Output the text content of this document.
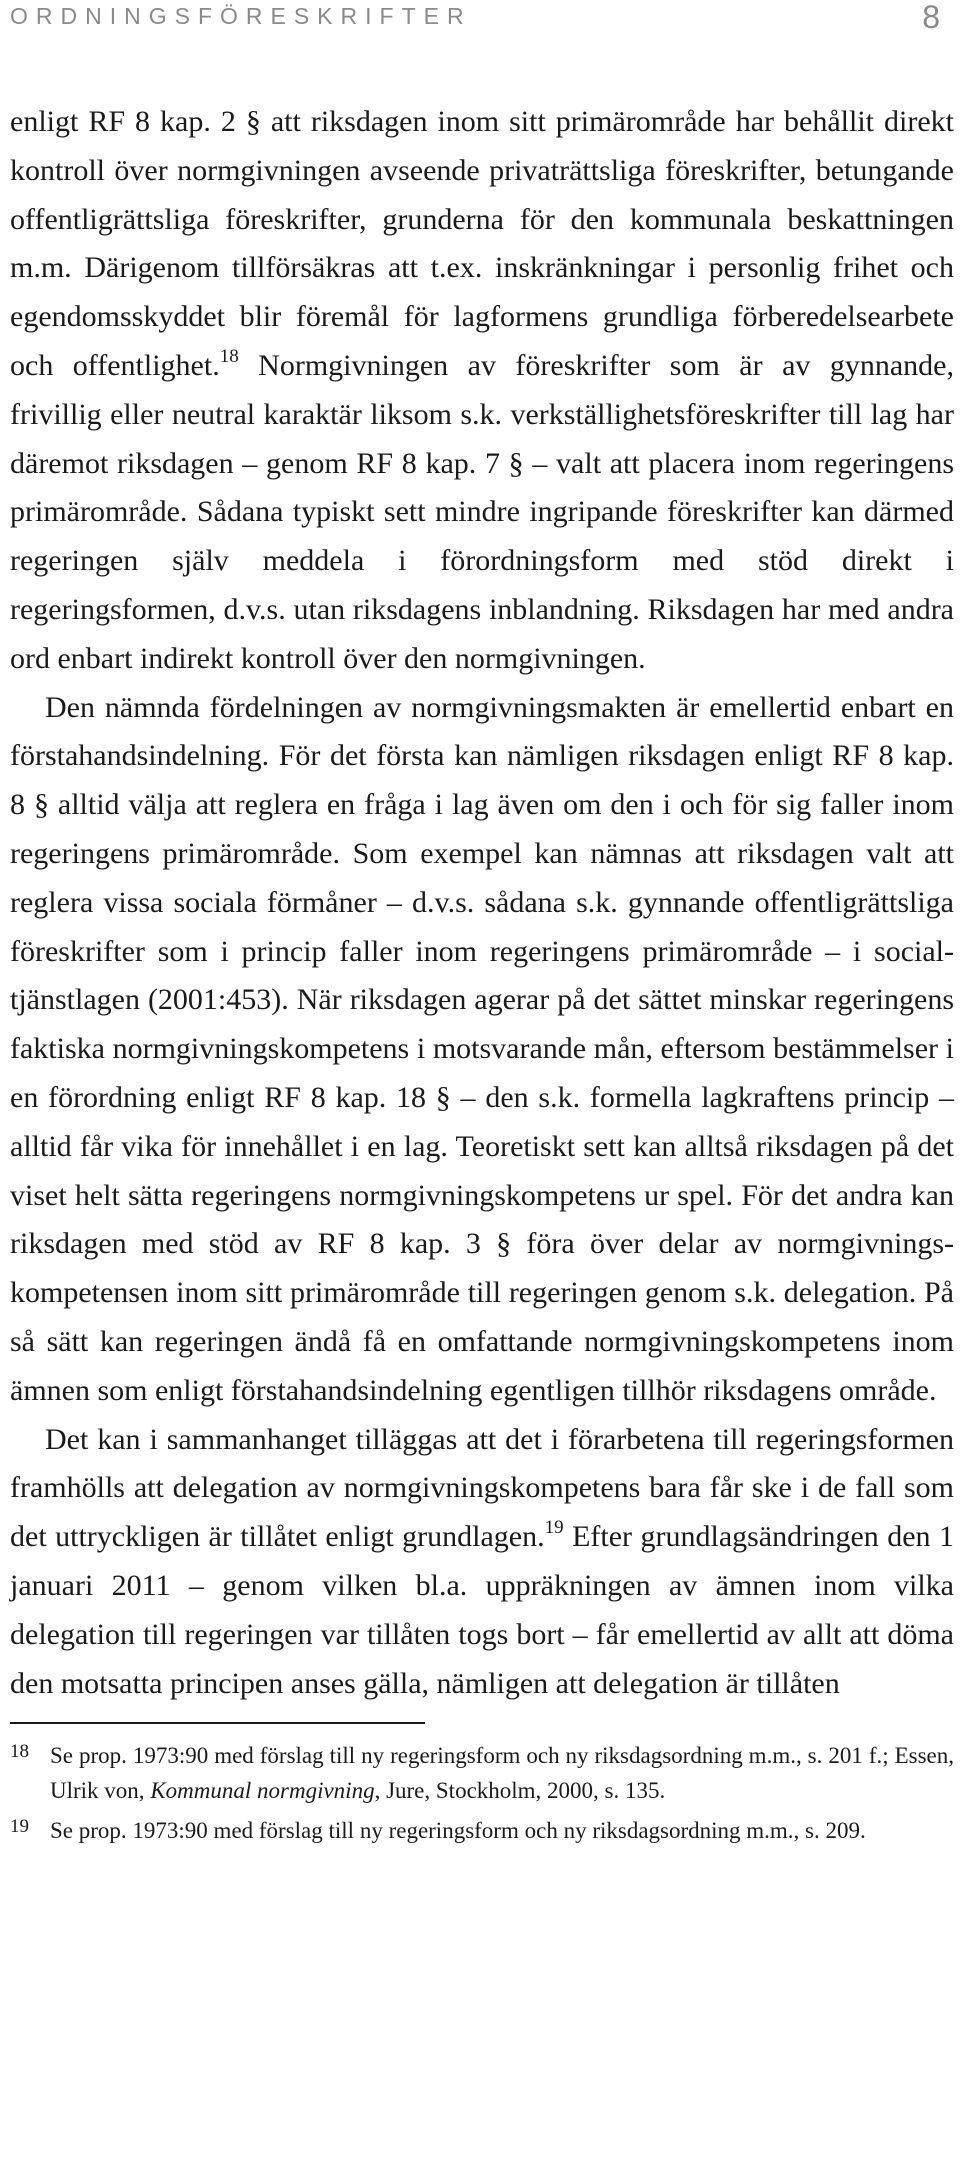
ORDNINGSFÖRESKRIFTER	8

enligt RF 8 kap. 2 § att riksdagen inom sitt primärområde har behållit direkt kontroll över normgivningen avseende privaträttsliga föreskrifter, betungande offentligrättsliga föreskrifter, grunderna för den kommunala beskattningen m.m. Därigenom tillförsäkras att t.ex. inskränkningar i personlig frihet och egendomsskyddet blir föremål för lagformens grundliga förberedelsearbete och offentlighet.$^{18}$ Normgivningen av föreskrifter som är av gynnande, frivillig eller neutral karaktär liksom s.k. verkställighetsföreskrifter till lag har däremot riksdagen – genom RF 8 kap. 7 § – valt att placera inom regeringens primärområde. Sådana typiskt sett mindre ingripande föreskrifter kan därmed regeringen själv meddela i förordningsform med stöd direkt i regeringsformen, d.v.s. utan riksdagens inblandning. Riksdagen har med andra ord enbart indirekt kontroll över den normgivningen.

Den nämnda fördelningen av normgivningsmakten är emellertid enbart en förstahandsindelning. För det första kan nämligen riksdagen enligt RF 8 kap. 8 § alltid välja att reglera en fråga i lag även om den i och för sig faller inom regeringens primärområde. Som exempel kan nämnas att riksdagen valt att reglera vissa sociala förmåner – d.v.s. sådana s.k. gynnande offentligrättsliga föreskrifter som i princip faller inom regeringens primärområde – i socialtjänstlagen (2001:453). När riksdagen agerar på det sättet minskar regeringens faktiska normgivningskompetens i motsvarande mån, eftersom bestämmelser i en förordning enligt RF 8 kap. 18 § – den s.k. formella lagkraftens princip – alltid får vika för innehållet i en lag. Teoretiskt sett kan alltså riksdagen på det viset helt sätta regeringens normgivningskompetens ur spel. För det andra kan riksdagen med stöd av RF 8 kap. 3 § föra över delar av normgivningskompetensen inom sitt primärområde till regeringen genom s.k. delegation. På så sätt kan regeringen ändå få en omfattande normgivningskompetens inom ämnen som enligt förstahandsindelning egentligen tillhör riksdagens område.

Det kan i sammanhanget tilläggas att det i förarbetena till regeringsformen framhölls att delegation av normgivningskompetens bara får ske i de fall som det uttryckligen är tillåtet enligt grundlagen.$^{19}$ Efter grundlagsändringen den 1 januari 2011 – genom vilken bl.a. uppräkningen av ämnen inom vilka delegation till regeringen var tillåten togs bort – får emellertid av allt att döma den motsatta principen anses gälla, nämligen att delegation är tillåten

18 Se prop. 1973:90 med förslag till ny regeringsform och ny riksdagsordning m.m., s. 201 f.; Essen, Ulrik von, Kommunal normgivning, Jure, Stockholm, 2000, s. 135.
19 Se prop. 1973:90 med förslag till ny regeringsform och ny riksdagsordning m.m., s. 209.
